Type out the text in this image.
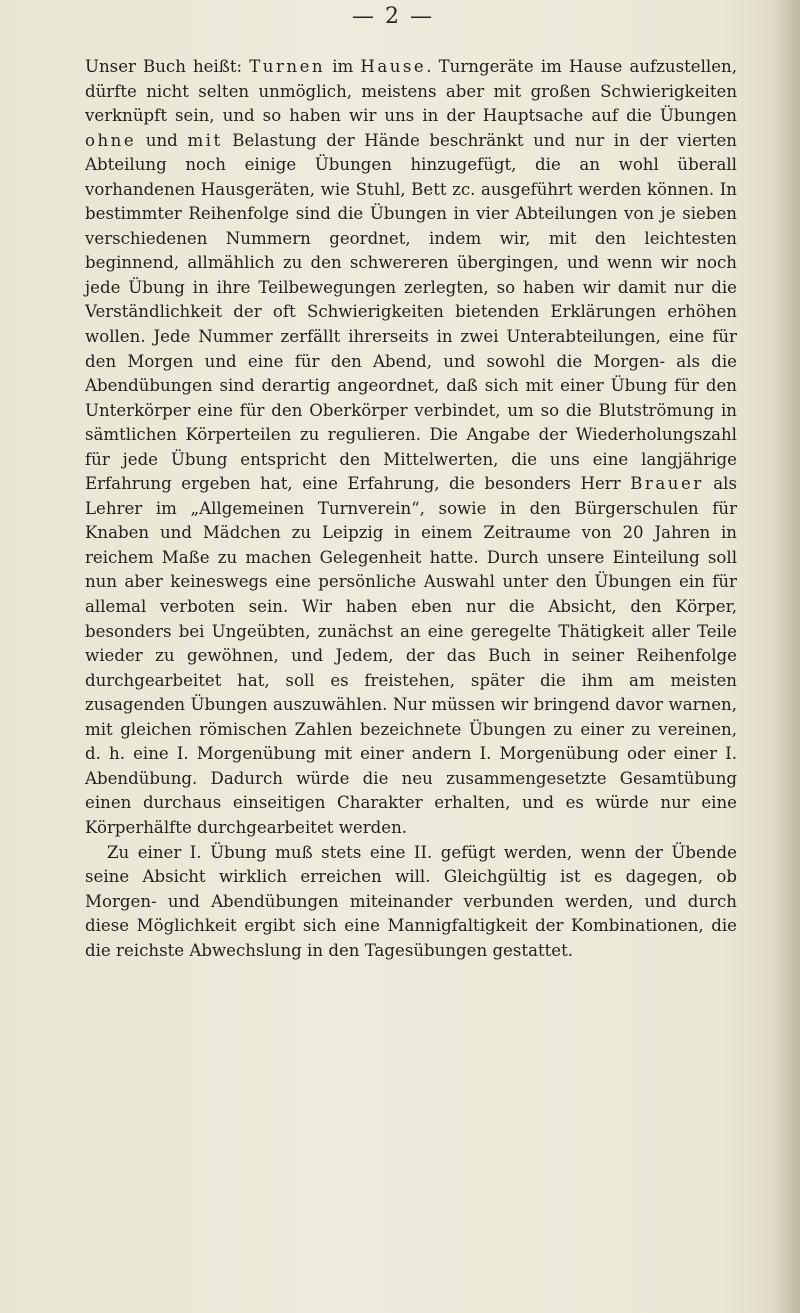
— 2 —

Unser Buch heißt: Turnen im Hause. Turngeräte im Hause aufzustellen, dürfte nicht selten unmöglich, meistens aber mit großen Schwierigkeiten verknüpft sein, und so haben wir uns in der Hauptsache auf die Übungen ohne und mit Belastung der Hände beschränkt und nur in der vierten Abteilung noch einige Übungen hinzugefügt, die an wohl überall vorhandenen Hausgeräten, wie Stuhl, Bett zc. ausgeführt werden können. In bestimmter Reihenfolge sind die Übungen in vier Abteilungen von je sieben verschiedenen Nummern geordnet, indem wir, mit den leichtesten beginnend, allmählich zu den schwereren übergingen, und wenn wir noch jede Übung in ihre Teilbewegungen zerlegten, so haben wir damit nur die Verständlichkeit der oft Schwierigkeiten bietenden Erklärungen erhöhen wollen. Jede Nummer zerfällt ihrerseits in zwei Unterabteilungen, eine für den Morgen und eine für den Abend, und sowohl die Morgen- als die Abendübungen sind derartig angeordnet, daß sich mit einer Übung für den Unterkörper eine für den Oberkörper verbindet, um so die Blutströmung in sämtlichen Körperteilen zu regulieren. Die Angabe der Wiederholungszahl für jede Übung entspricht den Mittelwerten, die uns eine langjährige Erfahrung ergeben hat, eine Erfahrung, die besonders Herr Brauer als Lehrer im „Allgemeinen Turnverein“, sowie in den Bürgerschulen für Knaben und Mädchen zu Leipzig in einem Zeitraume von 20 Jahren in reichem Maße zu machen Gelegenheit hatte. Durch unsere Einteilung soll nun aber keineswegs eine persönliche Auswahl unter den Übungen ein für allemal verboten sein. Wir haben eben nur die Absicht, den Körper, besonders bei Ungeübten, zunächst an eine geregelte Thätigkeit aller Teile wieder zu gewöhnen, und Jedem, der das Buch in seiner Reihenfolge durchgearbeitet hat, soll es freistehen, später die ihm am meisten zusagenden Übungen auszuwählen. Nur müssen wir bringend davor warnen, mit gleichen römischen Zahlen bezeichnete Übungen zu einer zu vereinen, d. h. eine I. Morgenübung mit einer andern I. Morgenübung oder einer I. Abendübung. Dadurch würde die neu zusammengesetzte Gesamtübung einen durchaus einseitigen Charakter erhalten, und es würde nur eine Körperhälfte durchgearbeitet werden.
Zu einer I. Übung muß stets eine II. gefügt werden, wenn der Übende seine Absicht wirklich erreichen will. Gleichgültig ist es dagegen, ob Morgen- und Abendübungen miteinander verbunden werden, und durch diese Möglichkeit ergibt sich eine Mannigfaltigkeit der Kombinationen, die die reichste Abwechslung in den Tagesübungen gestattet.
